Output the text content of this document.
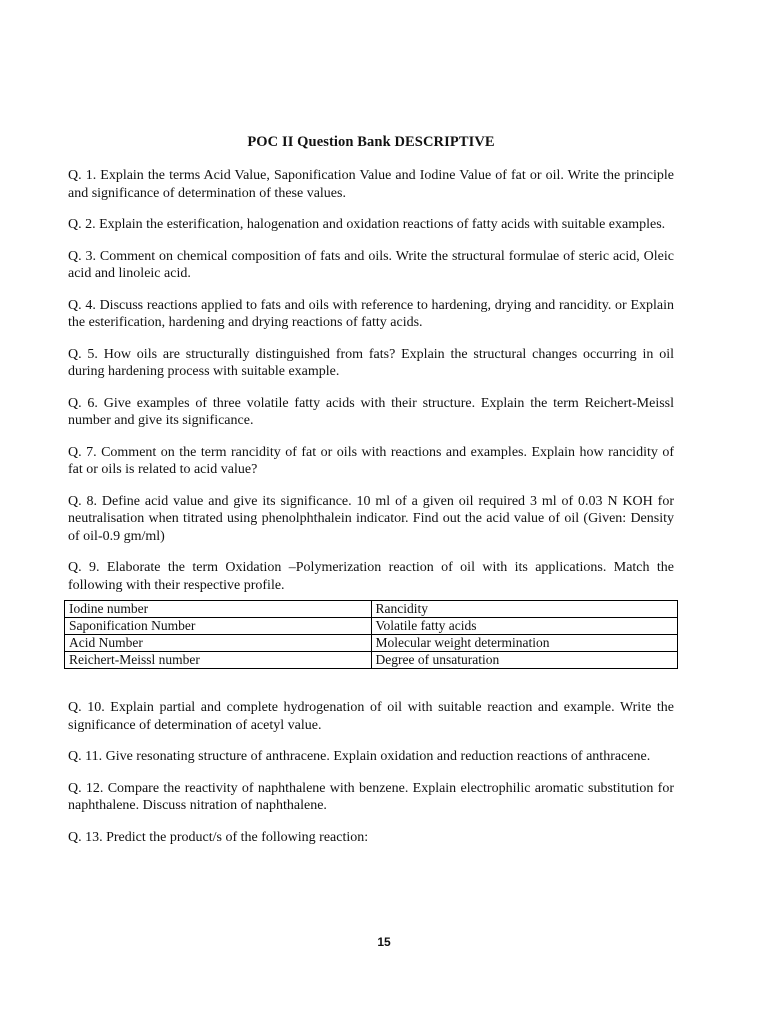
POC II Question Bank DESCRIPTIVE

Q. 1. Explain the terms Acid Value, Saponification Value and Iodine Value of fat or oil. Write the principle and significance of determination of these values.

Q. 2. Explain the esterification, halogenation and oxidation reactions of fatty acids with suitable examples.

Q. 3. Comment on chemical composition of fats and oils. Write the structural formulae of steric acid, Oleic acid and linoleic acid.

Q. 4. Discuss reactions applied to fats and oils with reference to hardening, drying and rancidity. or Explain the esterification, hardening and drying reactions of fatty acids.

Q. 5. How oils are structurally distinguished from fats? Explain the structural changes occurring in oil during hardening process with suitable example.

Q. 6. Give examples of three volatile fatty acids with their structure. Explain the term Reichert-Meissl number and give its significance.

Q. 7. Comment on the term rancidity of fat or oils with reactions and examples. Explain how rancidity of fat or oils is related to acid value?

Q. 8. Define acid value and give its significance. 10 ml of a given oil required 3 ml of 0.03 N KOH for neutralisation when titrated using phenolphthalein indicator. Find out the acid value of oil (Given: Density of oil-0.9 gm/ml)

Q. 9. Elaborate the term Oxidation –Polymerization reaction of oil with its applications. Match the following with their respective profile.

Iodine number	Rancidity
Saponification Number	Volatile fatty acids
Acid Number	Molecular weight determination
Reichert-Meissl number	Degree of unsaturation

Q. 10. Explain partial and complete hydrogenation of oil with suitable reaction and example. Write the significance of determination of acetyl value.

Q. 11. Give resonating structure of anthracene. Explain oxidation and reduction reactions of anthracene.

Q. 12. Compare the reactivity of naphthalene with benzene. Explain electrophilic aromatic substitution for naphthalene. Discuss nitration of naphthalene.

Q. 13. Predict the product/s of the following reaction:

15
